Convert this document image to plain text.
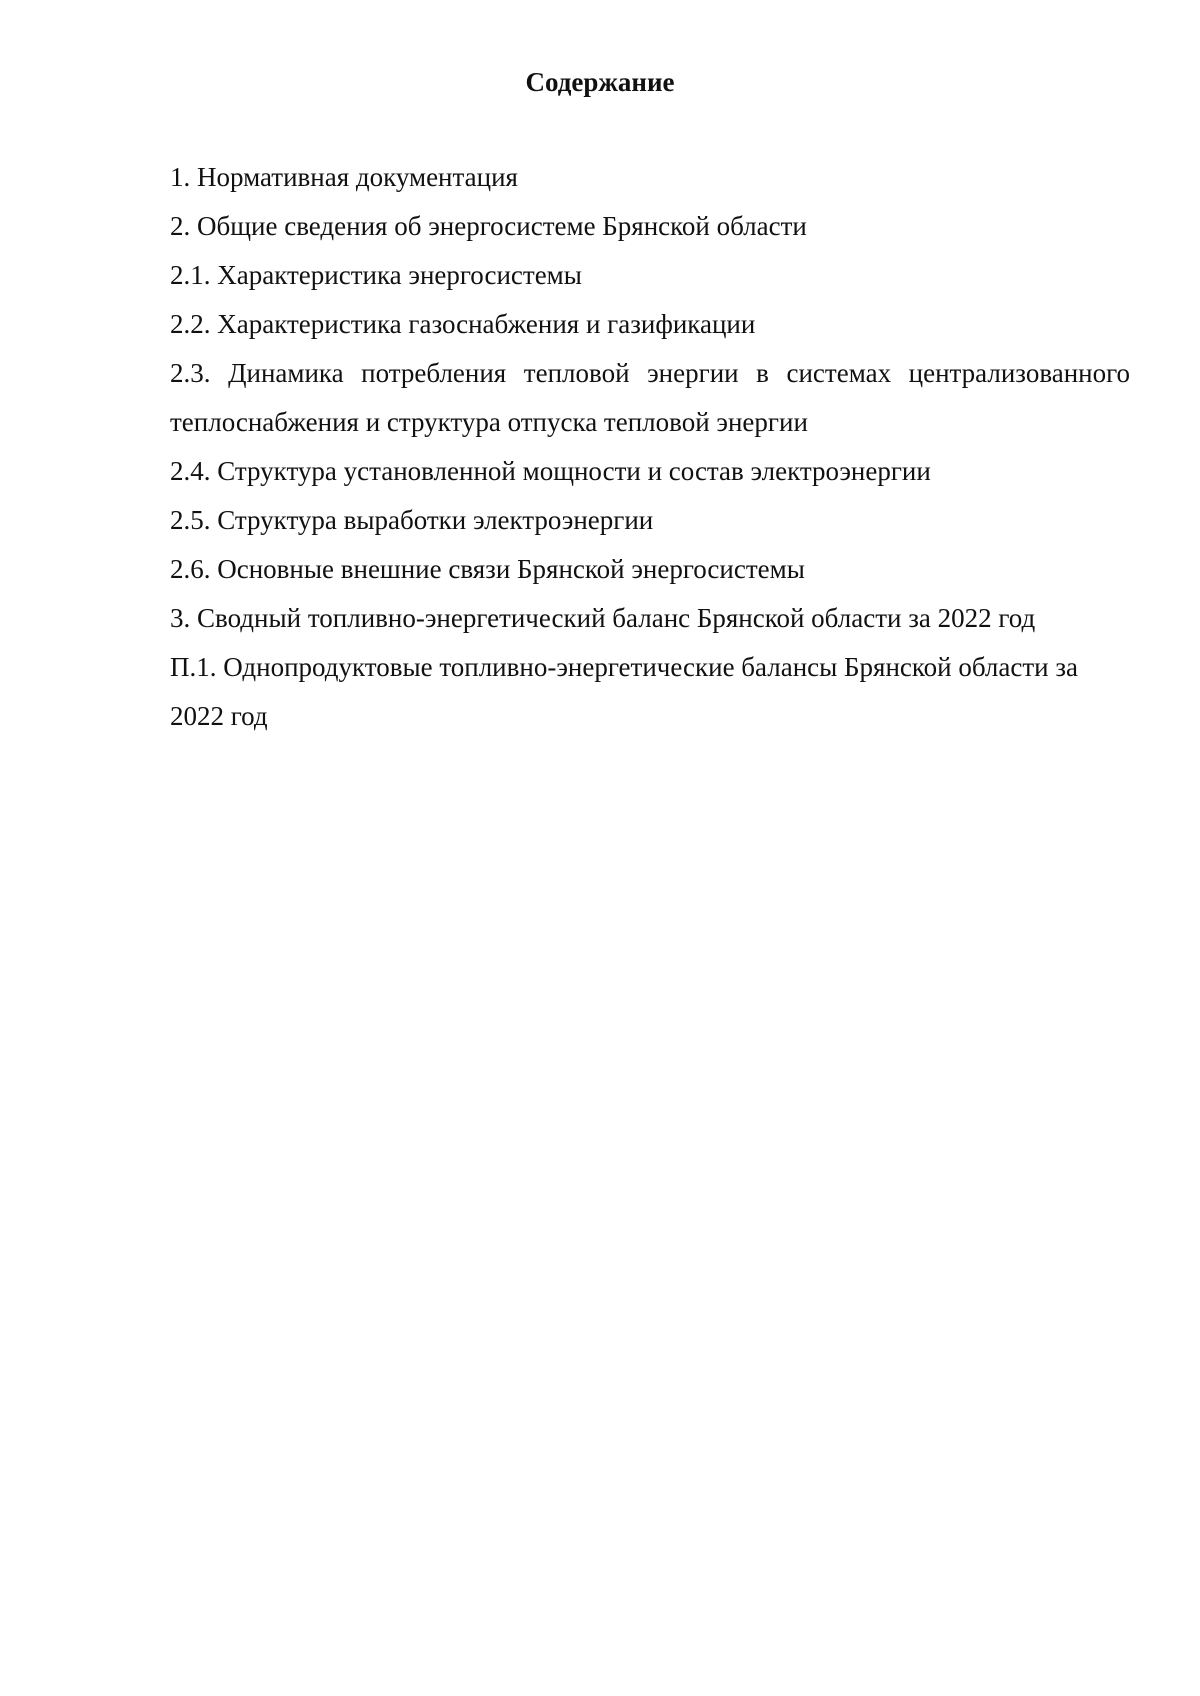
Содержание
1. Нормативная документация
2. Общие сведения об энергосистеме Брянской области
2.1. Характеристика энергосистемы
2.2. Характеристика газоснабжения и газификации
2.3. Динамика потребления тепловой энергии в системах централизованного теплоснабжения и структура отпуска тепловой энергии
2.4. Структура установленной мощности и состав электроэнергии
2.5. Структура выработки электроэнергии
2.6. Основные внешние связи Брянской энергосистемы
3. Сводный топливно-энергетический баланс Брянской области за 2022 год
П.1. Однопродуктовые топливно-энергетические балансы Брянской области за 2022 год
